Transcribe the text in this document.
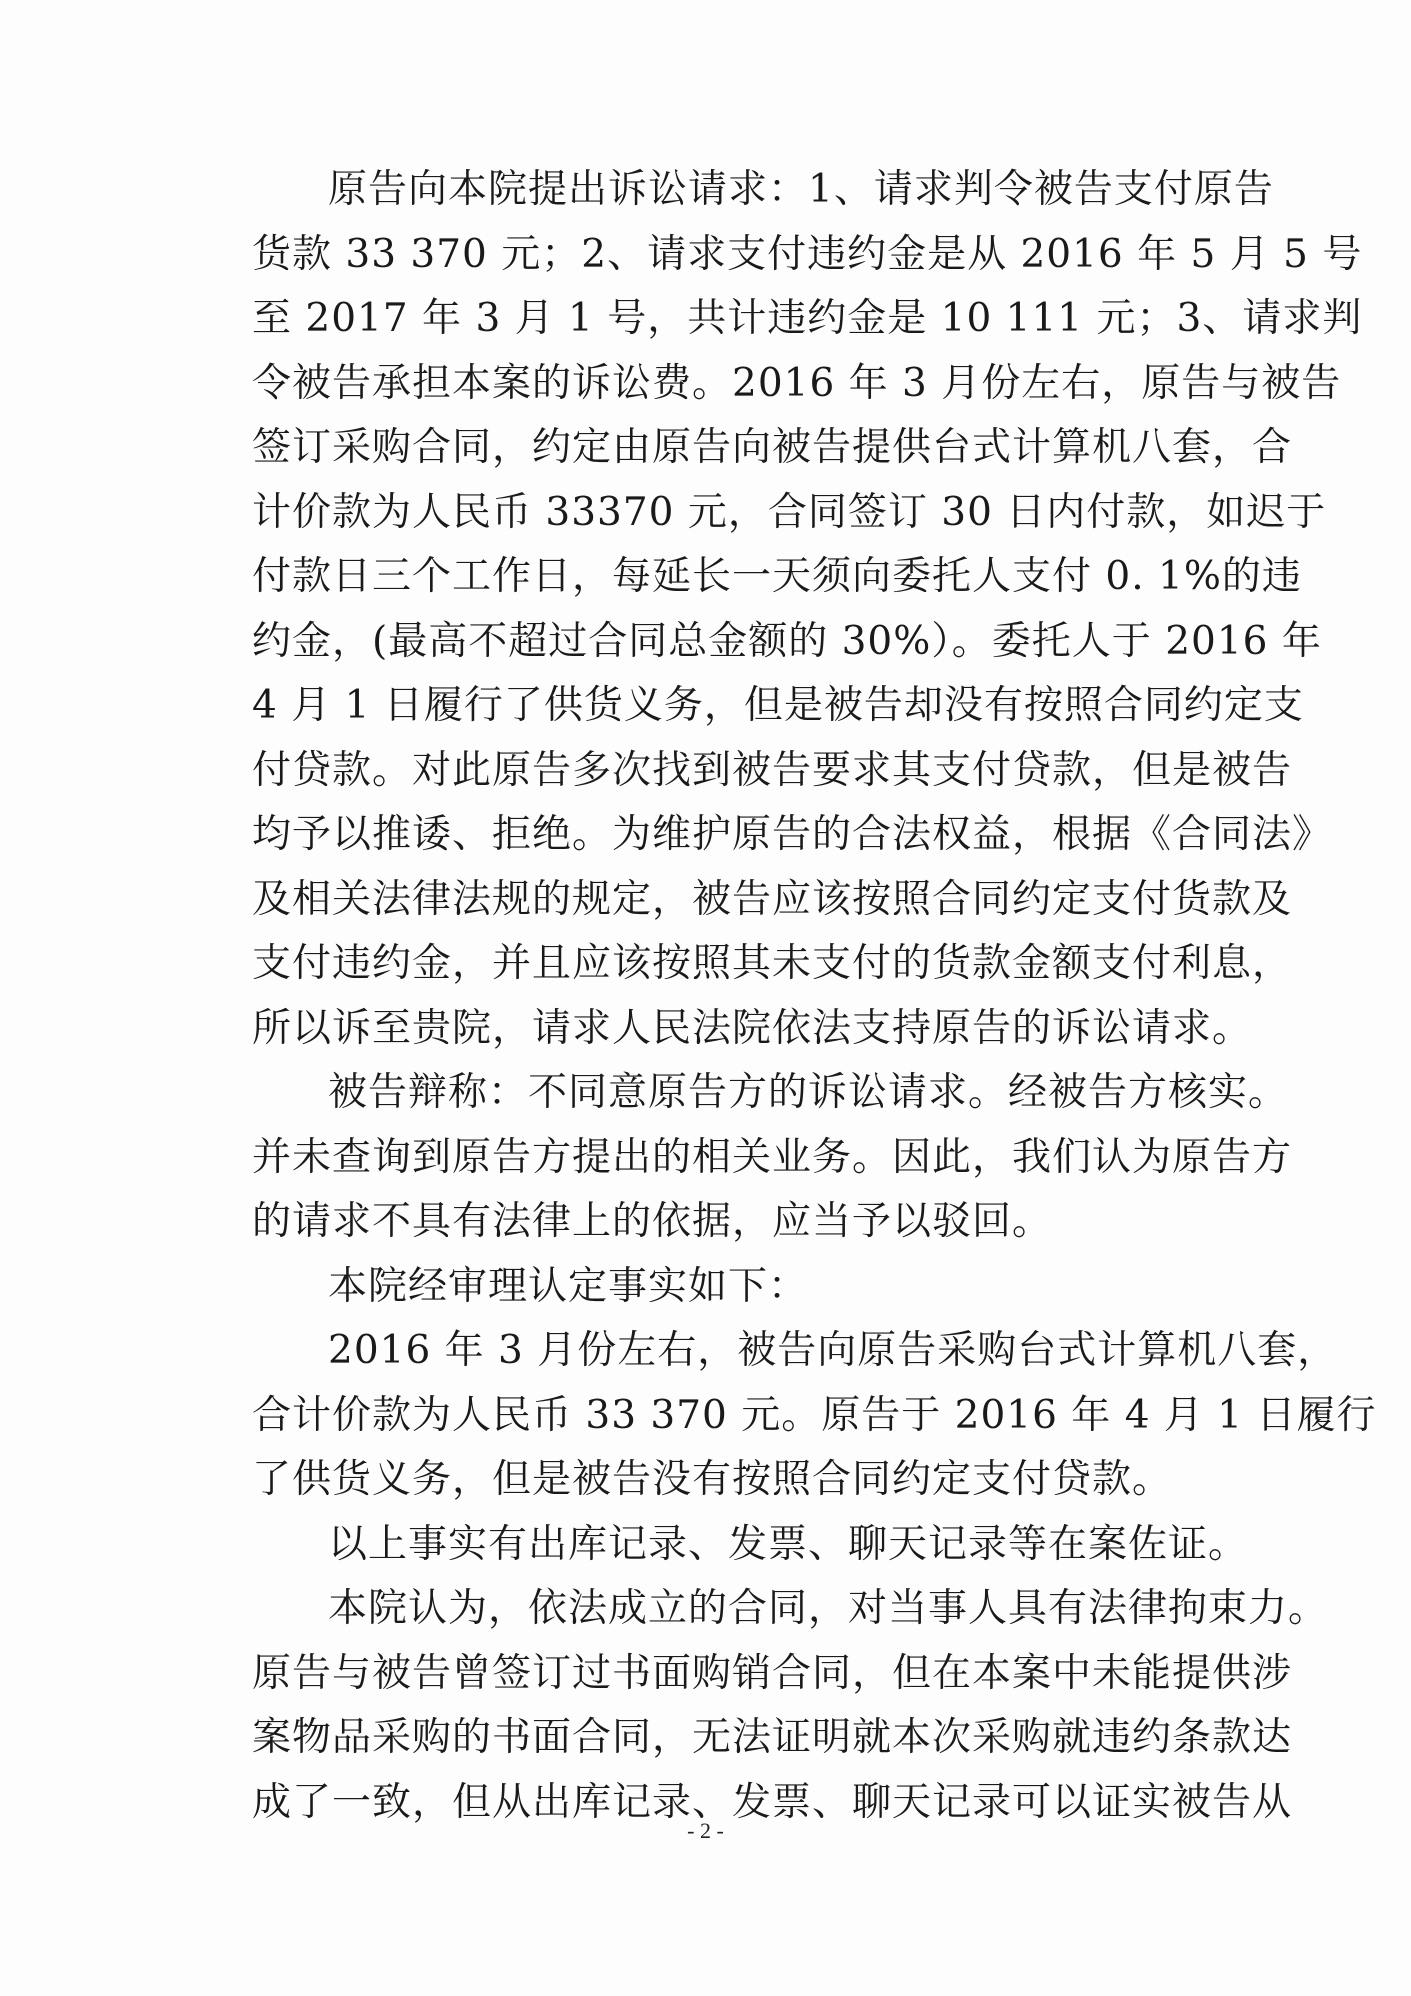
原告向本院提出诉讼请求：1、请求判令被告支付原告
货款 33 370 元；2、请求支付违约金是从 2016 年 5 月 5 号
至 2017 年 3 月 1 号，共计违约金是 10 111 元；3、请求判
令被告承担本案的诉讼费。2016 年 3 月份左右，原告与被告
签订采购合同，约定由原告向被告提供台式计算机八套，合
计价款为人民币 33370 元，合同签订 30 日内付款，如迟于
付款日三个工作日，每延长一天须向委托人支付 0. 1%的违
约金，(最高不超过合同总金额的 30%）。委托人于 2016 年
4 月 1 日履行了供货义务，但是被告却没有按照合同约定支
付贷款。对此原告多次找到被告要求其支付贷款，但是被告
均予以推诿、拒绝。为维护原告的合法权益，根据《合同法》
及相关法律法规的规定，被告应该按照合同约定支付货款及
支付违约金，并且应该按照其未支付的货款金额支付利息，
所以诉至贵院，请求人民法院依法支持原告的诉讼请求。
被告辩称：不同意原告方的诉讼请求。经被告方核实。
并未查询到原告方提出的相关业务。因此，我们认为原告方
的请求不具有法律上的依据，应当予以驳回。
本院经审理认定事实如下：
2016 年 3 月份左右，被告向原告采购台式计算机八套，
合计价款为人民币 33 370 元。原告于 2016 年 4 月 1 日履行
了供货义务，但是被告没有按照合同约定支付贷款。
以上事实有出库记录、发票、聊天记录等在案佐证。
本院认为，依法成立的合同，对当事人具有法律拘束力。
原告与被告曾签订过书面购销合同，但在本案中未能提供涉
案物品采购的书面合同，无法证明就本次采购就违约条款达
成了一致，但从出库记录、发票、聊天记录可以证实被告从
- 2 -
